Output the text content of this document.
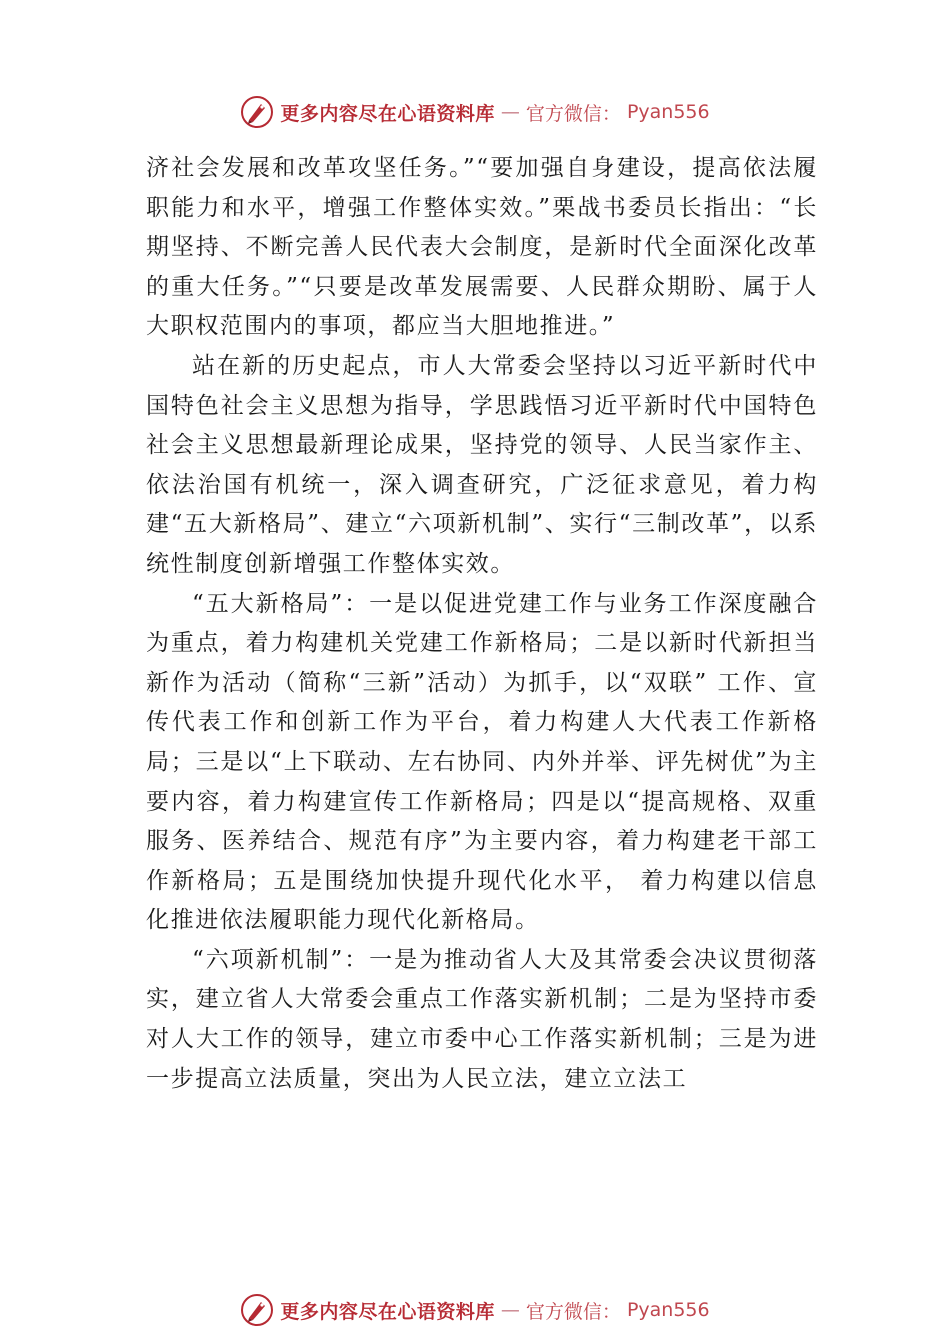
更多内容尽在心语资料库 — 官方微信： Pyan556

济社会发展和改革攻坚任务。”“要加强自身建设，提高依法履职能力和水平，增强工作整体实效。”栗战书委员长指出：“长期坚持、不断完善人民代表大会制度，是新时代全面深化改革的重大任务。”“只要是改革发展需要、人民群众期盼、属于人大职权范围内的事项，都应当大胆地推进。”

站在新的历史起点，市人大常委会坚持以习近平新时代中国特色社会主义思想为指导，学思践悟习近平新时代中国特色社会主义思想最新理论成果，坚持党的领导、人民当家作主、依法治国有机统一，深入调查研究，广泛征求意见，着力构建“五大新格局”、建立“六项新机制”、实行“三制改革”，以系统性制度创新增强工作整体实效。

“五大新格局”：一是以促进党建工作与业务工作深度融合为重点，着力构建机关党建工作新格局；二是以新时代新担当新作为活动（简称“三新”活动）为抓手，以“双联” 工作、宣传代表工作和创新工作为平台，着力构建人大代表工作新格局；三是以“上下联动、左右协同、内外并举、评先树优”为主要内容，着力构建宣传工作新格局；四是以“提高规格、双重服务、医养结合、规范有序”为主要内容，着力构建老干部工作新格局；五是围绕加快提升现代化水平， 着力构建以信息化推进依法履职能力现代化新格局。

“六项新机制”：一是为推动省人大及其常委会决议贯彻落实，建立省人大常委会重点工作落实新机制；二是为坚持市委对人大工作的领导，建立市委中心工作落实新机制；三是为进一步提高立法质量，突出为人民立法，建立立法工

更多内容尽在心语资料库 — 官方微信： Pyan556
